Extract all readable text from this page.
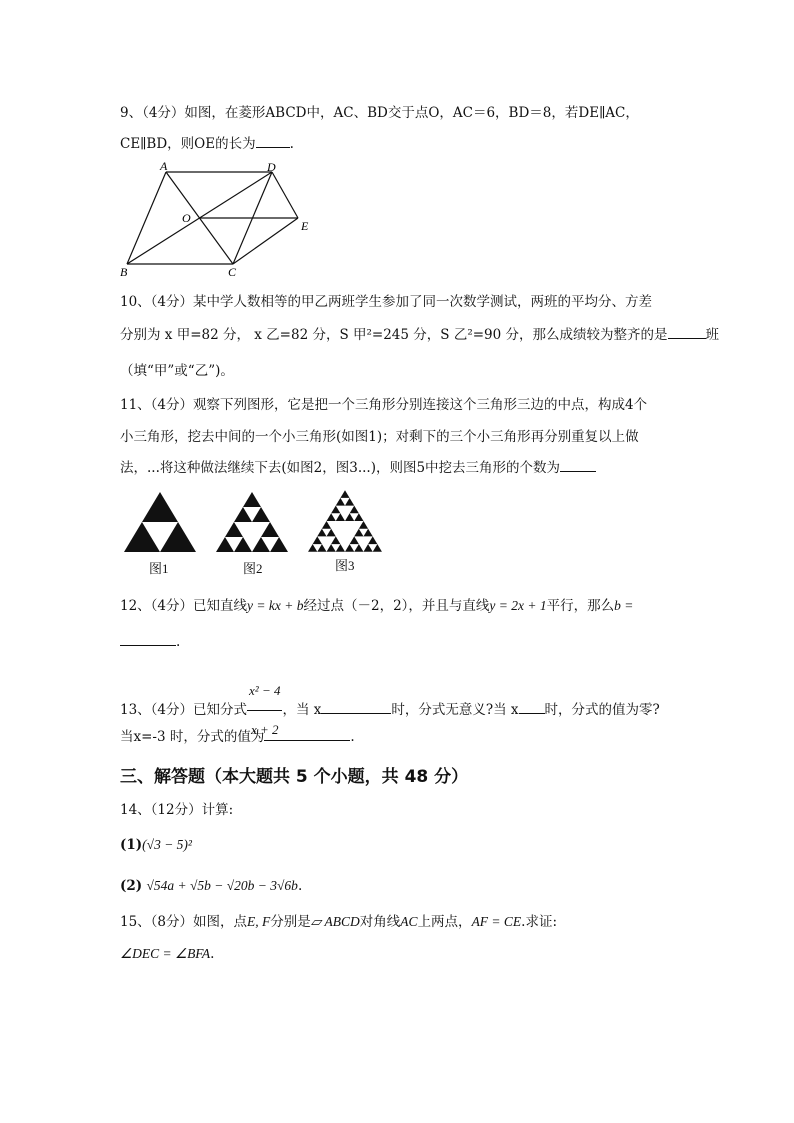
9、（4分）如图，在菱形ABCD中，AC、BD交于点O，AC＝6，BD＝8，若DE∥AC，
CE∥BD，则OE的长为	.
A	D
O
E
B	C
10、（4分）某中学人数相等的甲乙两班学生参加了同一次数学测试，两班的平均分、方差
分别为 x 甲=82 分， x 乙=82 分，S 甲²=245 分，S 乙²=90 分，那么成绩较为整齐的是	班
（填“甲”或“乙”)。
11、（4分）观察下列图形，它是把一个三角形分别连接这个三角形三边的中点，构成4个
小三角形，挖去中间的一个小三角形(如图1)；对剩下的三个小三角形再分别重复以上做
法，...将这种做法继续下去(如图2，图3...)，则图5中挖去三角形的个数为
图1	图2	图3
12、（4分）已知直线y = kx + b经过点（－2，2），并且与直线y = 2x + 1平行，那么b =
.
13、（4分）已知分式 $\frac{\text{x² − 4}}{x + 2}$ ，当 x	时，分式无意义?当 x 时，分式的值为零?
当x=-3 时，分式的值为	.
三、解答题（本大题共 5 个小题，共 48 分）
14、（12分）计算:
(1)(√3 − 5)²
(2) √54a + √5b − √20b − 3√6b.
15、（8分）如图，点E, F分别是▱ ABCD对角线AC上两点，AF = CE.求证:
∠DEC = ∠BFA.
